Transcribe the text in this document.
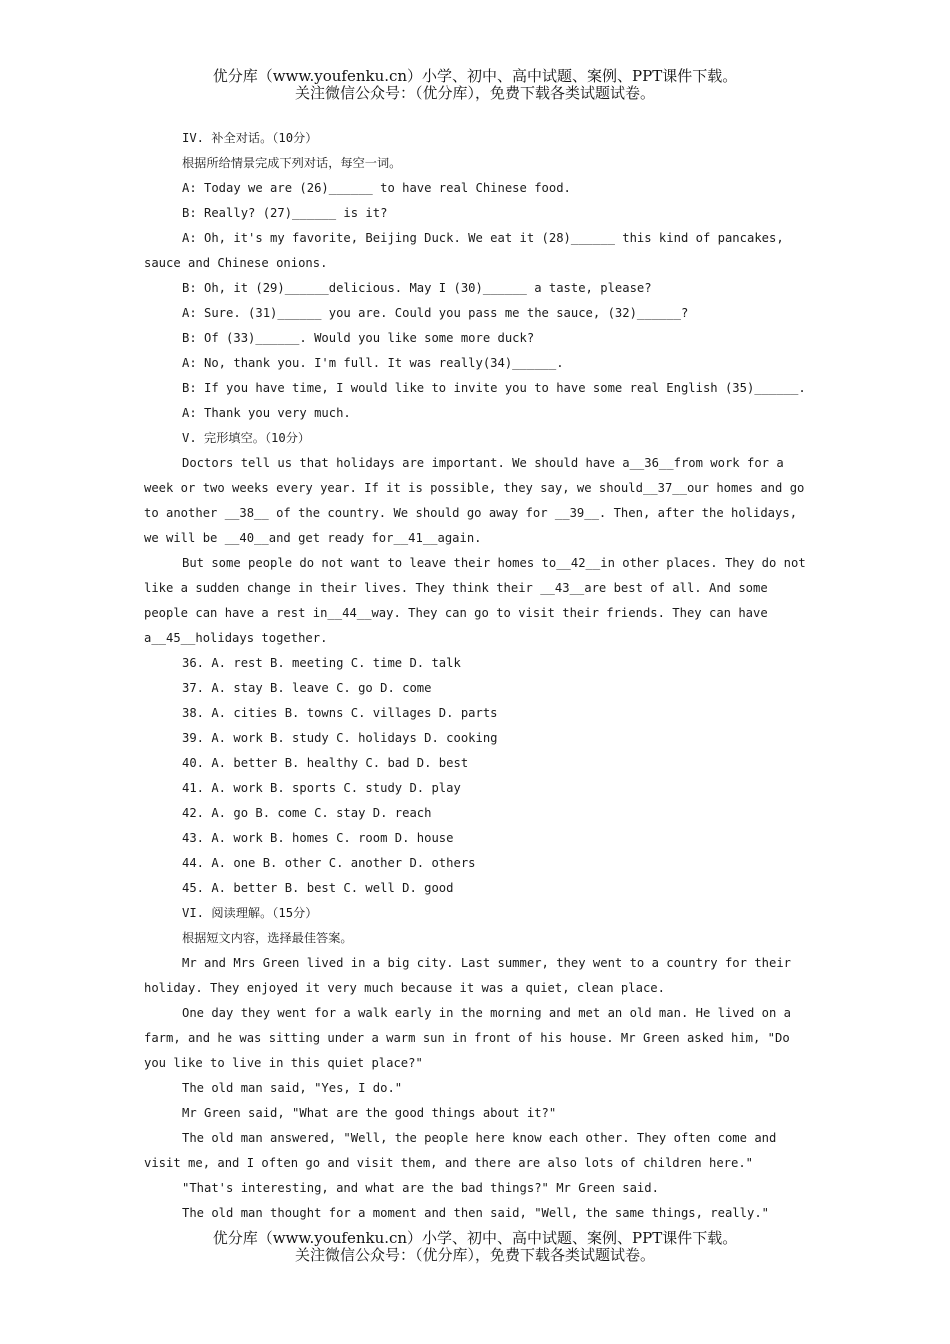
优分库（www.youfenku.cn）小学、初中、高中试题、案例、PPT课件下载。
关注微信公众号：（优分库），免费下载各类试题试卷。

IV. 补全对话。（10分）

根据所给情景完成下列对话，每空一词。

A: Today we are (26)______ to have real Chinese food.

B: Really? (27)______ is it?

A: Oh, it's my favorite, Beijing Duck. We eat it (28)______ this kind of pancakes, sauce and Chinese onions.

B: Oh, it (29)______delicious. May I (30)______ a taste, please?

A: Sure. (31)______ you are. Could you pass me the sauce, (32)______?

B: Of (33)______. Would you like some more duck?

A: No, thank you. I'm full. It was really(34)______.

B: If you have time, I would like to invite you to have some real English (35)______.

A: Thank you very much.

V. 完形填空。（10分）

Doctors tell us that holidays are important. We should have a__36__from work for a week or two weeks every year. If it is possible, they say, we should__37__our homes and go to another __38__ of the country. We should go away for __39__. Then, after the holidays, we will be __40__and get ready for__41__again.

But some people do not want to leave their homes to__42__in other places. They do not like a sudden change in their lives. They think their __43__are best of all. And some people can have a rest in__44__way. They can go to visit their friends. They can have a__45__holidays together.

36. A. rest B. meeting C. time D. talk

37. A. stay B. leave C. go D. come

38. A. cities B. towns C. villages D. parts

39. A. work B. study C. holidays D. cooking

40. A. better B. healthy C. bad D. best

41. A. work B. sports C. study D. play

42. A. go B. come C. stay D. reach

43. A. work B. homes C. room D. house

44. A. one B. other C. another D. others

45. A. better B. best C. well D. good

VI. 阅读理解。（15分）

根据短文内容，选择最佳答案。

Mr and Mrs Green lived in a big city. Last summer, they went to a country for their holiday. They enjoyed it very much because it was a quiet, clean place.

One day they went for a walk early in the morning and met an old man. He lived on a farm, and he was sitting under a warm sun in front of his house. Mr Green asked him, "Do you like to live in this quiet place?"

The old man said, "Yes, I do."

Mr Green said, "What are the good things about it?"

The old man answered, "Well, the people here know each other. They often come and visit me, and I often go and visit them, and there are also lots of children here."

"That's interesting, and what are the bad things?" Mr Green said.

The old man thought for a moment and then said, "Well, the same things, really."

优分库（www.youfenku.cn）小学、初中、高中试题、案例、PPT课件下载。
关注微信公众号：（优分库），免费下载各类试题试卷。
